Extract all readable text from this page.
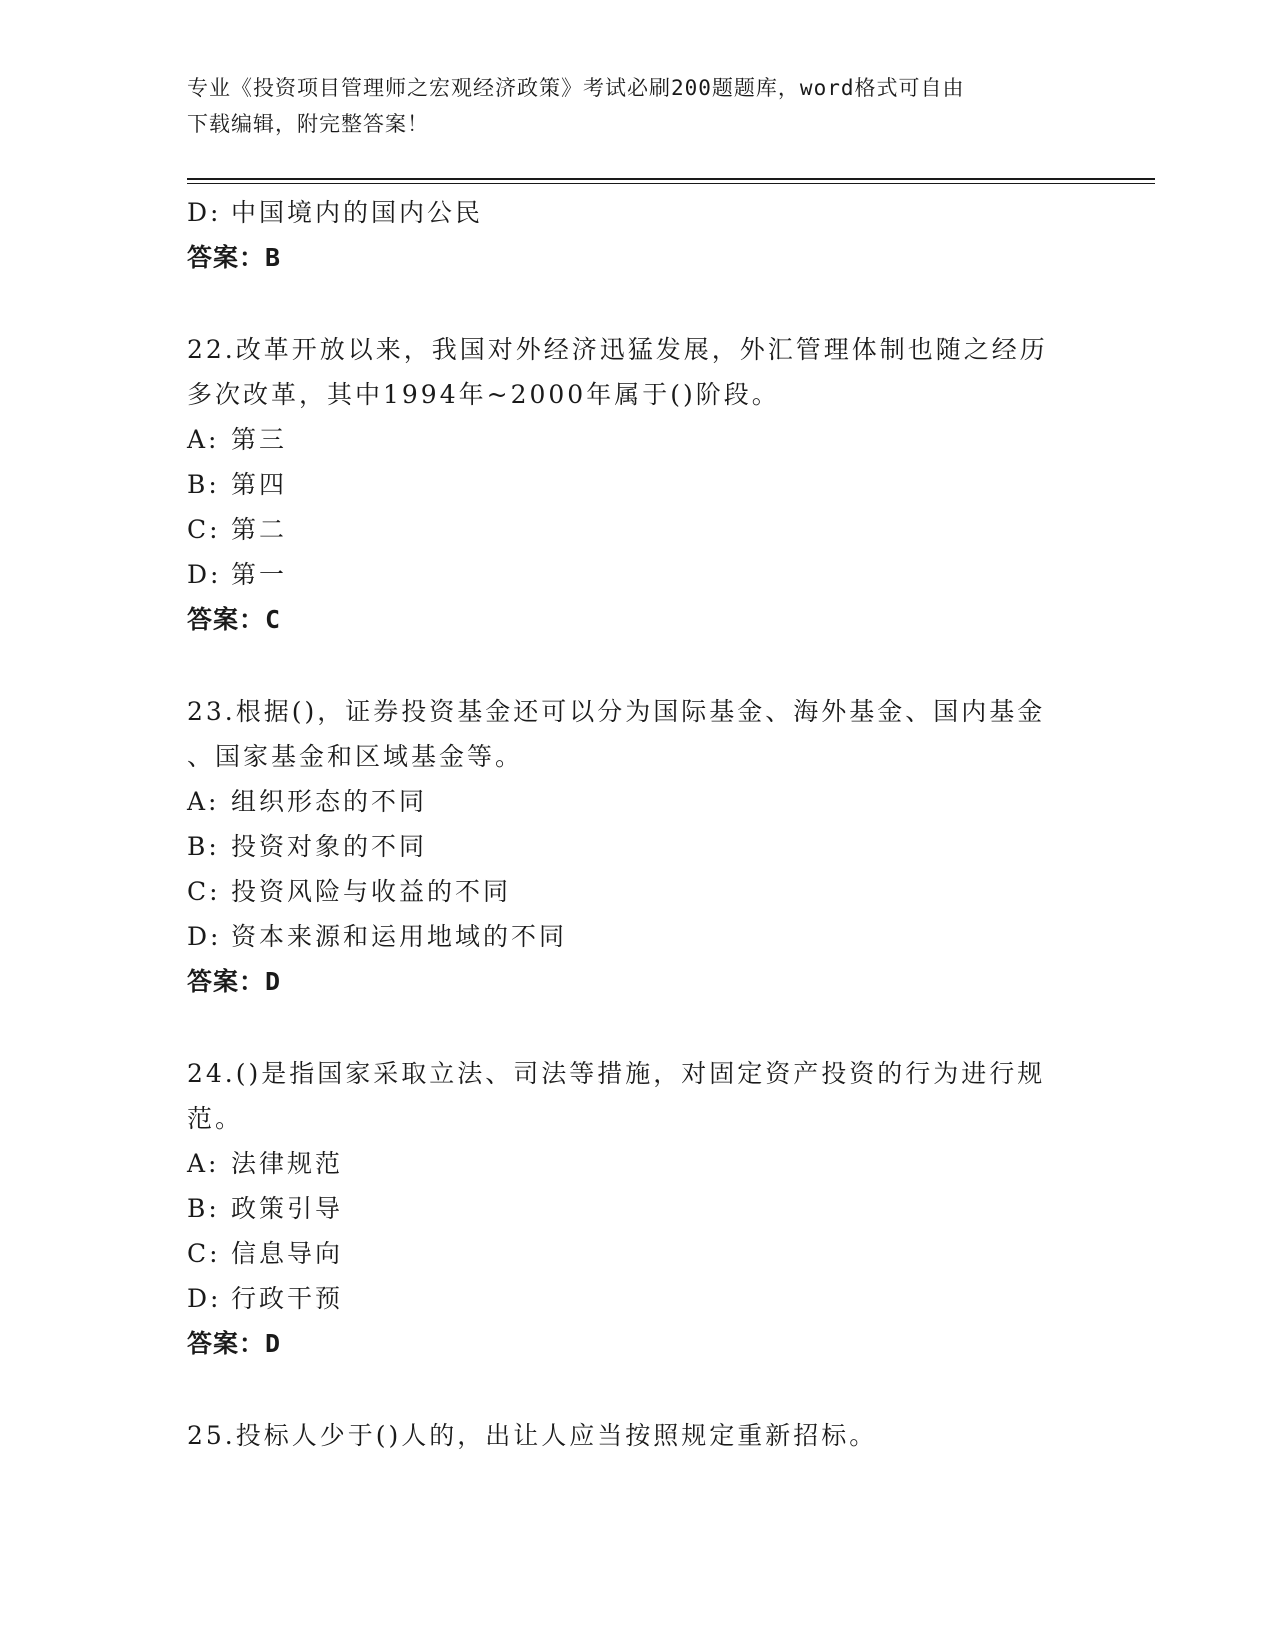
专业《投资项目管理师之宏观经济政策》考试必刷200题题库，word格式可自由
下载编辑，附完整答案！
D: 中国境内的国内公民
答案：B
22.改革开放以来，我国对外经济迅猛发展，外汇管理体制也随之经历
多次改革，其中1994年~2000年属于()阶段。
A: 第三
B: 第四
C: 第二
D: 第一
答案：C
23.根据()，证券投资基金还可以分为国际基金、海外基金、国内基金
、国家基金和区域基金等。
A: 组织形态的不同
B: 投资对象的不同
C: 投资风险与收益的不同
D: 资本来源和运用地域的不同
答案：D
24.()是指国家采取立法、司法等措施，对固定资产投资的行为进行规
范。
A: 法律规范
B: 政策引导
C: 信息导向
D: 行政干预
答案：D
25.投标人少于()人的，出让人应当按照规定重新招标。
